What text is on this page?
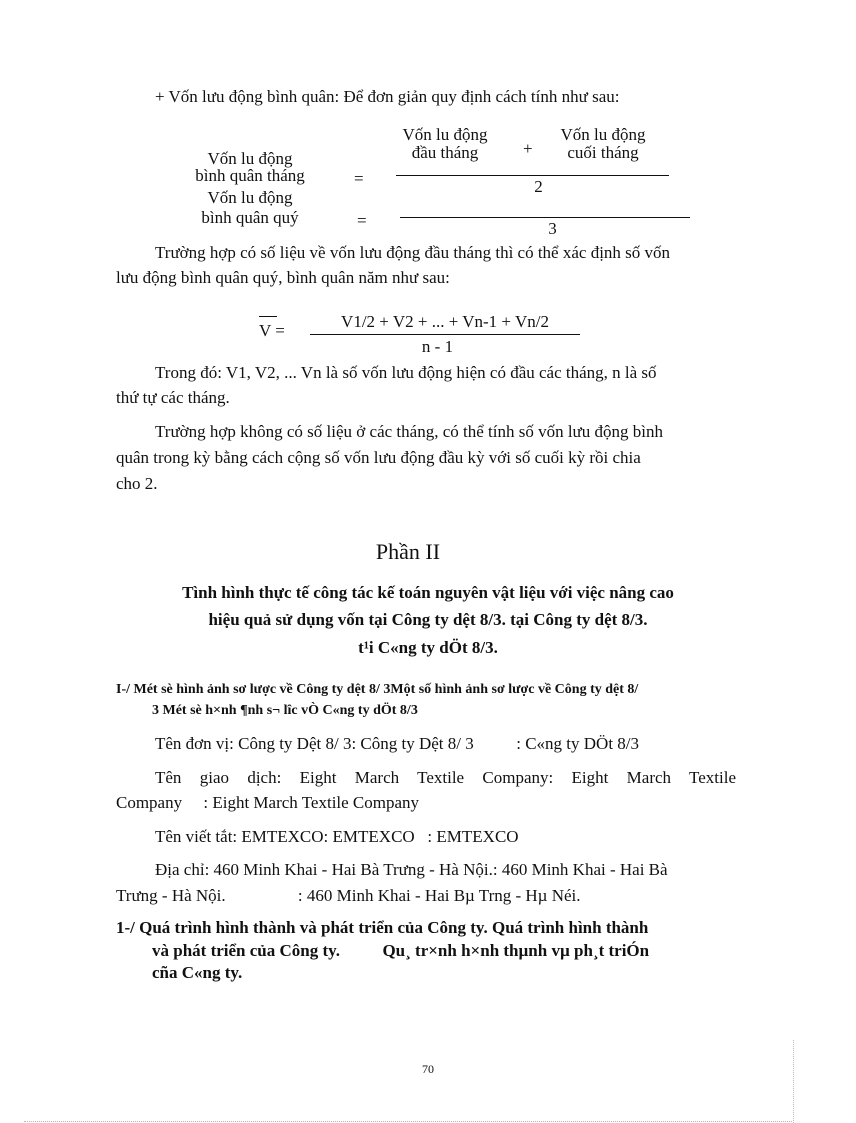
+ Vốn lưu động bình quân: Để đơn giản quy định cách tính như sau:
Vốn lu động
bình quân tháng	=
Vốn lu động
đầu tháng	+
Vốn lu động
cuối tháng
2
Vốn lu động
bình quân quý	=	3
Trường hợp có số liệu về vốn lưu động đầu tháng thì có thể xác định số vốn
lưu động bình quân quý, bình quân năm như sau:
V =	V1/2 + V2 + ... + Vn-1 + Vn/2
n - 1
Trong đó: V1, V2, ... Vn là số vốn lưu động hiện có đầu các tháng, n là số
thứ tự các tháng.
Trường hợp không có số liệu ở các tháng, có thể tính số vốn lưu động bình
quân trong kỳ bằng cách cộng số vốn lưu động đầu kỳ với số cuối kỳ rồi chia
cho 2.
Phần II
Tình hình thực tế công tác kế toán nguyên vật liệu với việc nâng cao
hiệu quả sử dụng vốn tại Công ty dệt 8/3. tại Công ty dệt 8/3.
t¹i C«ng ty dÖt 8/3.
I-/ Mét sè hình ảnh sơ lược về Công ty dệt 8/ 3Một số hình ảnh sơ lược về Công ty dệt 8/
3 Mét sè h×nh ¶nh s¬ lîc vÒ C«ng ty dÖt 8/3
Tên đơn vị: Công ty Dệt 8/ 3: Công ty Dệt 8/ 3          : C«ng ty DÖt 8/3
Tên giao dịch: Eight March Textile Company: Eight March Textile
Company     : Eight March Textile Company
Tên viết tắt: EMTEXCO: EMTEXCO   : EMTEXCO
Địa chỉ: 460 Minh Khai - Hai Bà Trưng - Hà Nội.: 460 Minh Khai - Hai Bà
Trưng - Hà Nội.                 : 460 Minh Khai - Hai Bµ Trng - Hµ Néi.
1-/ Quá trình hình thành và phát triển của Công ty. Quá trình hình thành
và phát triển của Công ty.          Qu¸ tr×nh h×nh thµnh vµ ph¸t triÓn
cña C«ng ty.
70
